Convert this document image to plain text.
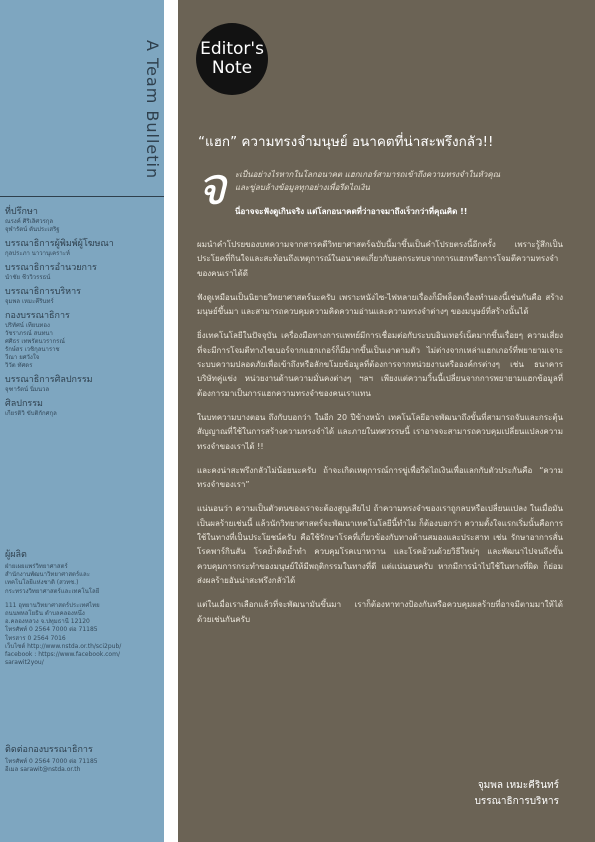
A Team Bulletin
ที่ปรึกษา
ณรงค์ ศิริเลิศวรกุล
จุฬารัตน์ ตันประเสริฐ
บรรณาธิการผู้พิมพ์ผู้โฆษณา
กุลประภา นาวานุเคราะห์
บรรณาธิการอำนวยการ
นำชัย ชีววิวรรธน์
บรรณาธิการบริหาร
จุมพล เหมะคีรินทร์
กองบรรณาธิการ
ปริทัศน์ เทียนทอง
วัชราภรณ์ สนทนา
ศศิธร เทพรัตนวรากรณ์
รักษ์สร เวชิกุลนาราช
วีณา ยศวังใจ
วิวัต ทัศดร
บรรณาธิการศิลปกรรม
จุฑารัตน์ นิ่มนวล
ศิลปกรรม
เกียรติวิ ขับติกักศกุล
ผู้ผลิต
ฝ่ายเผยแพร่วิทยาศาสตร์
สำนักงานพัฒนาวิทยาศาสตร์และ
เทคโนโลยีแห่งชาติ (สวทช.)
กระทรวงวิทยาศาสตร์และเทคโนโลยี
111 อุทยานวิทยาศาสตร์ประเทศไทย
ถนนพหลโยธิน ตำบลคลองหนึ่ง
อ.คลองหลวง จ.ปทุมธานี 12120
โทรศัพท์ 0 2564 7000 ต่อ 71185
โทรสาร 0 2564 7016
เว็บไซต์ http://www.nstda.or.th/sci2pub/
facebook : https://www.facebook.com/
sarawit2you/
ติดต่อกองบรรณาธิการ
โทรศัพท์ 0 2564 7000 ต่อ 71185
อีเมล sarawit@nstda.or.th
Editor's
Note
“แฮก” ความทรงจำมนุษย์ อนาคตที่น่าสะพรึงกลัว!!
จ	ะเป็นอย่างไรหากในโลกอนาคต แฮกเกอร์สามารถเข้าถึงความทรงจำในหัวคุณ
และขู่ลบล้างข้อมูลทุกอย่างเพื่อรีดไถเงิน
นี่อาจจะฟังดูเกินจริง แต่โลกอนาคตที่ว่าอาจมาถึงเร็วกว่าที่คุณคิด !!

ผมนำคำโปรยของบทความจากสารคดีวิทยาศาสตร์ฉบับนี้มาขึ้นเป็นคำโปรยตรงนี้อีกครั้ง เพราะรู้สึกเป็นประโยคที่กินใจและสะท้อนถึงเหตุการณ์ในอนาคตเกี่ยวกับผลกระทบจากการแฮกหรือการโจมตีความทรงจำของคนเราได้ดี

ฟังดูเหมือนเป็นนิยายวิทยาศาสตร์นะครับ เพราะหนังไซ-ไฟหลายเรื่องก็มีพล็อตเรื่องทำนองนี้เช่นกันคือ สร้างมนุษย์ขึ้นมา และสามารถควบคุมความคิดความอ่านและความทรงจำต่างๆ ของมนุษย์ที่สร้างนั้นได้

ยิ่งเทคโนโลยีในปัจจุบัน เครื่องมือทางการแพทย์มีการเชื่อมต่อกับระบบอินเทอร์เน็ตมากขึ้นเรื่อยๆ ความเสี่ยงที่จะมีการโจมตีทางไซเบอร์จากแฮกเกอร์ก็มีมากขึ้นเป็นเงาตามตัว ไม่ต่างจากเหล่าแฮกเกอร์ที่พยายามเจาะระบบความปลอดภัยเพื่อเข้าถึงหรือลักขโมยข้อมูลที่ต้องการจากหน่วยงานหรือองค์กรต่างๆ เช่น ธนาคาร บริษัทคู่แข่ง หน่วยงานด้านความมั่นคงต่างๆ ฯลฯ เพียงแต่ความวิ้นนี้เปลี่ยนจากการพยายามแฮกข้อมูลที่ต้องการมาเป็นการแฮกความทรงจำของคนเราแทน

ในบทความบางตอน ถึงกับบอกว่า ในอีก 20 ปีข้างหน้า เทคโนโลยีอาจพัฒนาถึงขั้นที่สามารถจับและกระตุ้นสัญญาณที่ใช้ในการสร้างความทรงจำได้ และภายในทศวรรษนี้ เราอาจจะสามารถควบคุมเปลี่ยนแปลงความทรงจำของเราได้ !!

และคงน่าสะพรึงกลัวไม่น้อยนะครับ ถ้าจะเกิดเหตุการณ์การขู่เพื่อรีดไถเงินเพื่อแลกกับตัวประกันคือ “ความทรงจำของเรา”

แน่นอนว่า ความเป็นตัวตนของเราจะต้องสูญเสียไป ถ้าความทรงจำของเราถูกลบหรือเปลี่ยนแปลง ในเมื่อมันเป็นผลร้ายเช่นนี้ แล้วนักวิทยาศาสตร์จะพัฒนาเทคโนโลยีนี้ทำไม ก็ต้องบอกว่า ความตั้งใจแรกเริ่มนั้นคือการใช้ในทางที่เป็นประโยชน์ครับ คือใช้รักษาโรคที่เกี่ยวข้องกับทางด้านสมองและประสาท เช่น รักษาอาการสั่น โรคพาร์กินสัน โรคย้ำคิดย้ำทำ ควบคุมโรคเบาหวาน และโรคอ้วนด้วยวิธีใหม่ๆ และพัฒนาไปจนถึงขั้นควบคุมการกระทำของมนุษย์ให้มีพฤติกรรมในทางที่ดี แต่แน่นอนครับ หากมีการนำไปใช้ในทางที่ผิด ก็ย่อมส่งผลร้ายอันน่าสะพรึงกลัวได้

แต่ในเมื่อเราเลือกแล้วที่จะพัฒนามันขึ้นมา เราก็ต้องหาทางป้องกันหรือควบคุมผลร้ายที่อาจมีตามมาให้ได้ด้วยเช่นกันครับ

จุมพล เหมะคีรินทร์
บรรณาธิการบริหาร
